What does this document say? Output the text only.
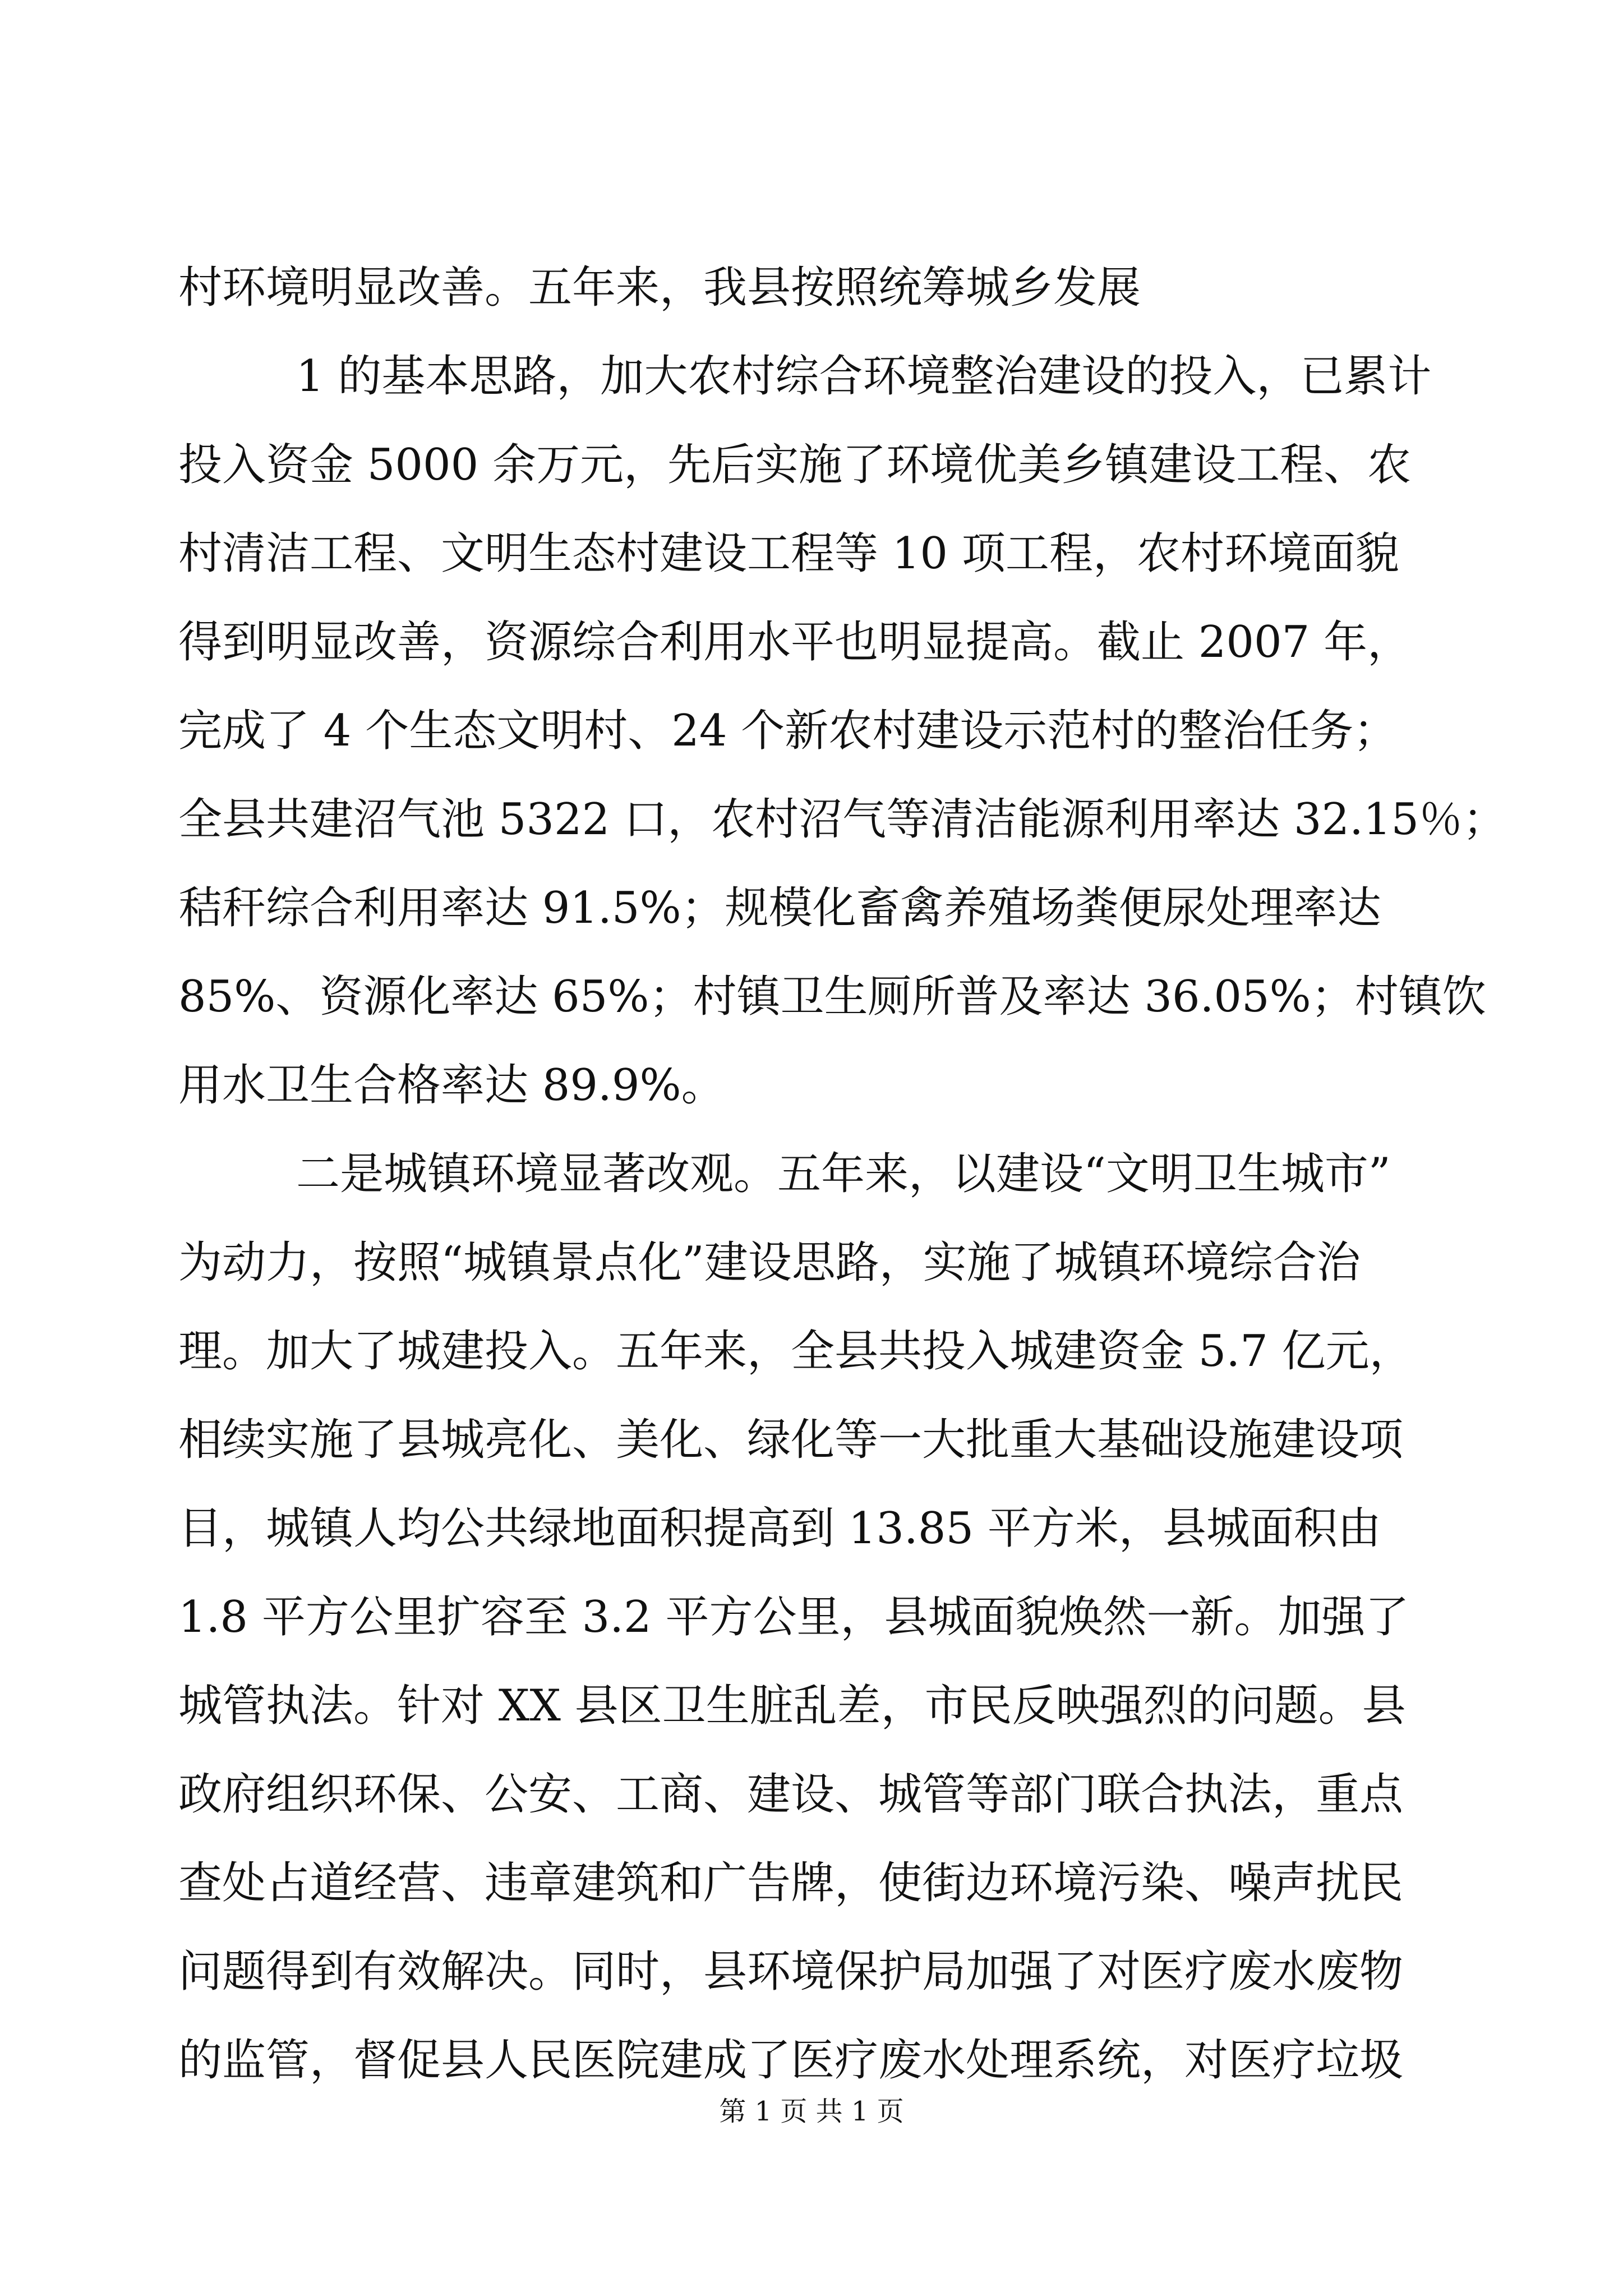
村环境明显改善。五年来，我县按照统筹城乡发展
1 的基本思路，加大农村综合环境整治建设的投入，已累计
投入资金 5000 余万元，先后实施了环境优美乡镇建设工程、农
村清洁工程、文明生态村建设工程等 10 项工程，农村环境面貌
得到明显改善，资源综合利用水平也明显提高。截止 2007 年，
完成了 4 个生态文明村、24 个新农村建设示范村的整治任务；
全县共建沼气池 5322 口，农村沼气等清洁能源利用率达 32.15％；
秸秆综合利用率达 91.5%；规模化畜禽养殖场粪便尿处理率达
85%、资源化率达 65%；村镇卫生厕所普及率达 36.05%；村镇饮
用水卫生合格率达 89.9%。
二是城镇环境显著改观。五年来，以建设“文明卫生城市”
为动力，按照“城镇景点化”建设思路，实施了城镇环境综合治
理。加大了城建投入。五年来，全县共投入城建资金 5.7 亿元，
相续实施了县城亮化、美化、绿化等一大批重大基础设施建设项
目，城镇人均公共绿地面积提高到 13.85 平方米，县城面积由
1.8 平方公里扩容至 3.2 平方公里，县城面貌焕然一新。加强了
城管执法。针对 XX 县区卫生脏乱差，市民反映强烈的问题。县
政府组织环保、公安、工商、建设、城管等部门联合执法，重点
查处占道经营、违章建筑和广告牌，使街边环境污染、噪声扰民
问题得到有效解决。同时，县环境保护局加强了对医疗废水废物
的监管，督促县人民医院建成了医疗废水处理系统，对医疗垃圾
第 1 页 共 1 页
